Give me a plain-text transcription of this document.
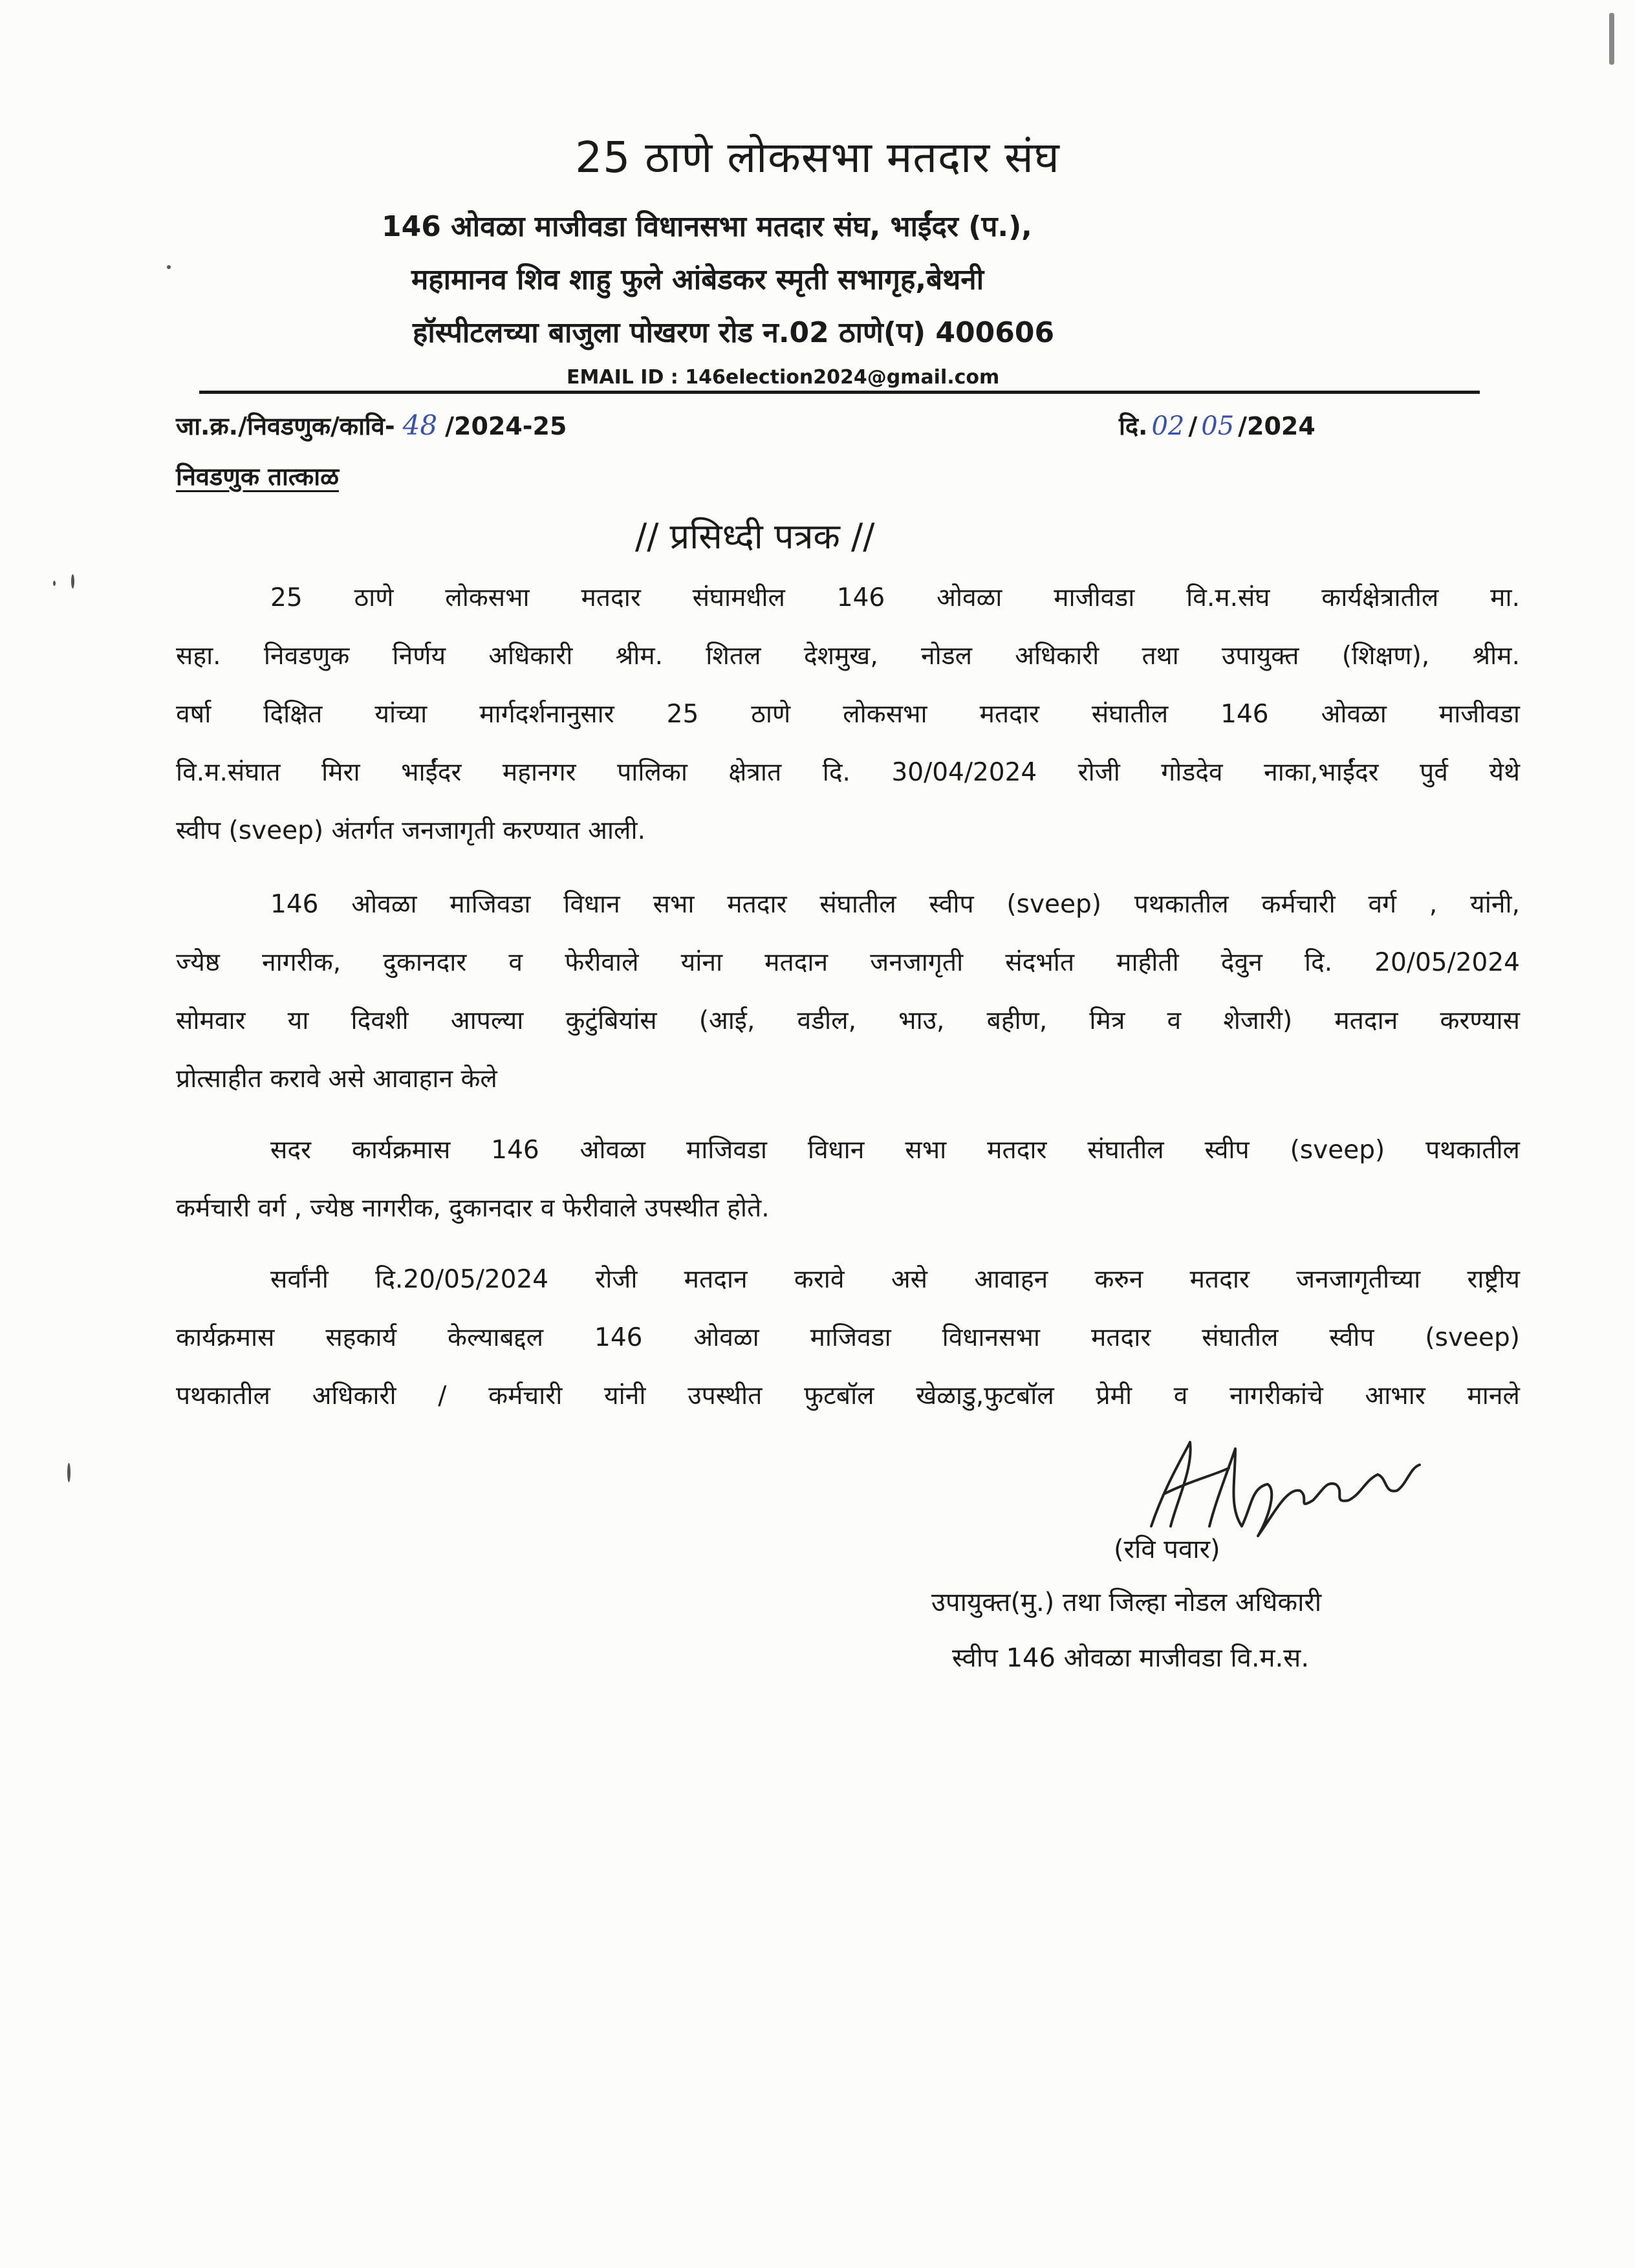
25 ठाणे लोकसभा मतदार संघ
146 ओवळा माजीवडा विधानसभा मतदार संघ, भाईंदर (प.),
महामानव शिव शाहु फुले आंबेडकर स्मृती सभागृह,बेथनी
हॉस्पीटलच्या बाजुला पोखरण रोड न.02 ठाणे(प) 400606
EMAIL ID : 146election2024@gmail.com
जा.क्र./निवडणुक/कावि- 48 /2024-25	दि. 02 / 05 /2024
निवडणुक तात्काळ
// प्रसिध्दी पत्रक //
25 ठाणे लोकसभा मतदार संघामधील 146 ओवळा माजीवडा वि.म.संघ कार्यक्षेत्रातील मा.
सहा. निवडणुक निर्णय अधिकारी श्रीम. शितल देशमुख, नोडल अधिकारी तथा उपायुक्त (शिक्षण), श्रीम.
वर्षा दिक्षित यांच्या मार्गदर्शनानुसार 25 ठाणे लोकसभा मतदार संघातील 146 ओवळा माजीवडा
वि.म.संघात मिरा भाईंदर महानगर पालिका क्षेत्रात दि. 30/04/2024 रोजी गोडदेव नाका,भाईंदर पुर्व येथे
स्वीप (sveep) अंतर्गत जनजागृती करण्यात आली.
146 ओवळा माजिवडा विधान सभा मतदार संघातील स्वीप (sveep) पथकातील कर्मचारी वर्ग , यांनी,
ज्येष्ठ नागरीक, दुकानदार व फेरीवाले यांना मतदान जनजागृती संदर्भात माहीती देवुन दि. 20/05/2024
सोमवार या दिवशी आपल्या कुटुंबियांस (आई, वडील, भाउ, बहीण, मित्र व शेजारी) मतदान करण्यास
प्रोत्साहीत करावे असे आवाहान केले
सदर कार्यक्रमास 146 ओवळा माजिवडा विधान सभा मतदार संघातील स्वीप (sveep) पथकातील
कर्मचारी वर्ग , ज्येष्ठ नागरीक, दुकानदार व फेरीवाले उपस्थीत होते.
सर्वांनी दि.20/05/2024 रोजी मतदान करावे असे आवाहन करुन मतदार जनजागृतीच्या राष्ट्रीय
कार्यक्रमास सहकार्य केल्याबद्दल 146 ओवळा माजिवडा विधानसभा मतदार संघातील स्वीप (sveep)
पथकातील अधिकारी / कर्मचारी यांनी उपस्थीत फुटबॉल खेळाडु,फुटबॉल प्रेमी व नागरीकांचे आभार मानले
(रवि पवार)
उपायुक्त(मु.) तथा जिल्हा नोडल अधिकारी
स्वीप 146 ओवळा माजीवडा वि.म.स.
